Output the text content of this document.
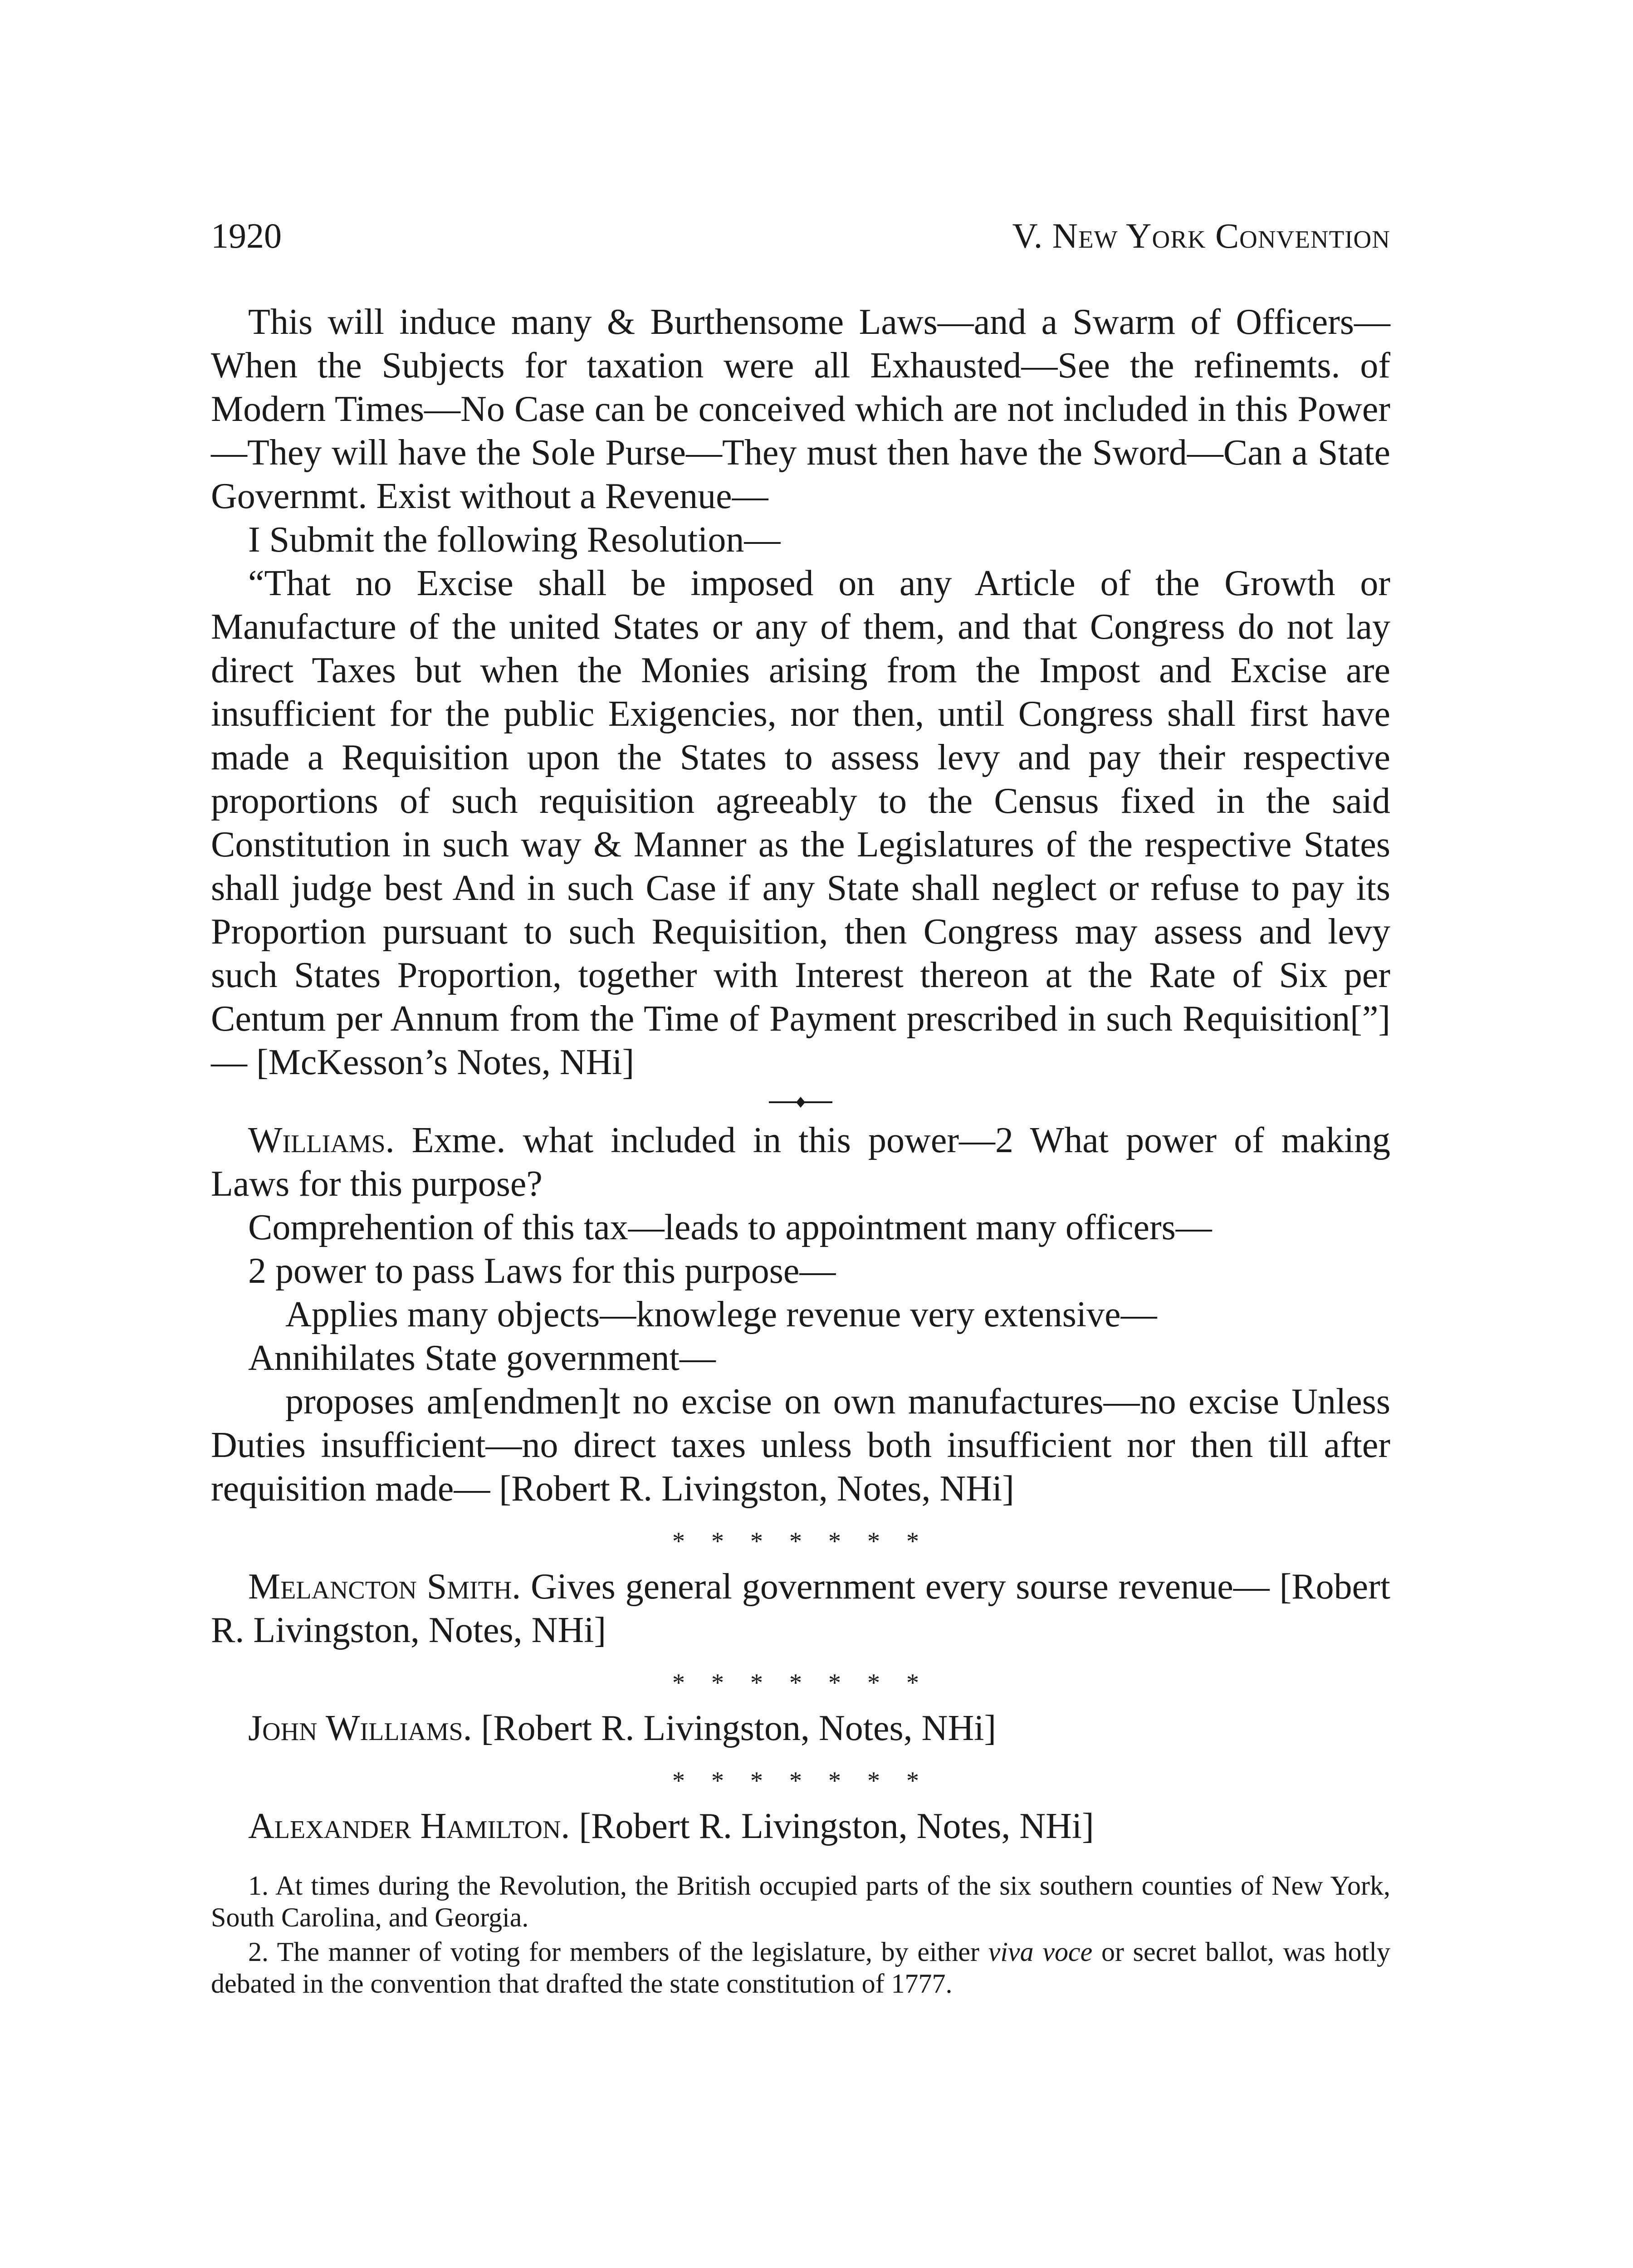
1920	V. New York Convention

This will induce many & Burthensome Laws—and a Swarm of Officers—When the Subjects for taxation were all Exhausted—See the refinemts. of Modern Times—No Case can be conceived which are not included in this Power—They will have the Sole Purse—They must then have the Sword—Can a State Governmt. Exist without a Revenue—

I Submit the following Resolution—

“That no Excise shall be imposed on any Article of the Growth or Manufacture of the united States or any of them, and that Congress do not lay direct Taxes but when the Monies arising from the Impost and Excise are insufficient for the public Exigencies, nor then, until Congress shall first have made a Requisition upon the States to assess levy and pay their respective proportions of such requisition agreeably to the Census fixed in the said Constitution in such way & Manner as the Legislatures of the respective States shall judge best And in such Case if any State shall neglect or refuse to pay its Proportion pursuant to such Requisition, then Congress may assess and levy such States Proportion, together with Interest thereon at the Rate of Six per Centum per Annum from the Time of Payment prescribed in such Requisition[”]— [McKesson’s Notes, NHi]

Williams. Exme. what included in this power—2 What power of making Laws for this purpose?

Comprehention of this tax—leads to appointment many officers—

2 power to pass Laws for this purpose—

Applies many objects—knowlege revenue very extensive—

Annihilates State government—

proposes am[endmen]t no excise on own manufactures—no excise Unless Duties insufficient—no direct taxes unless both insufficient nor then till after requisition made— [Robert R. Livingston, Notes, NHi]

* * * * * * *

Melancton Smith. Gives general government every sourse revenue— [Robert R. Livingston, Notes, NHi]

* * * * * * *

John Williams. [Robert R. Livingston, Notes, NHi]

* * * * * * *

Alexander Hamilton. [Robert R. Livingston, Notes, NHi]

1. At times during the Revolution, the British occupied parts of the six southern counties of New York, South Carolina, and Georgia.

2. The manner of voting for members of the legislature, by either viva voce or secret ballot, was hotly debated in the convention that drafted the state constitution of 1777.
